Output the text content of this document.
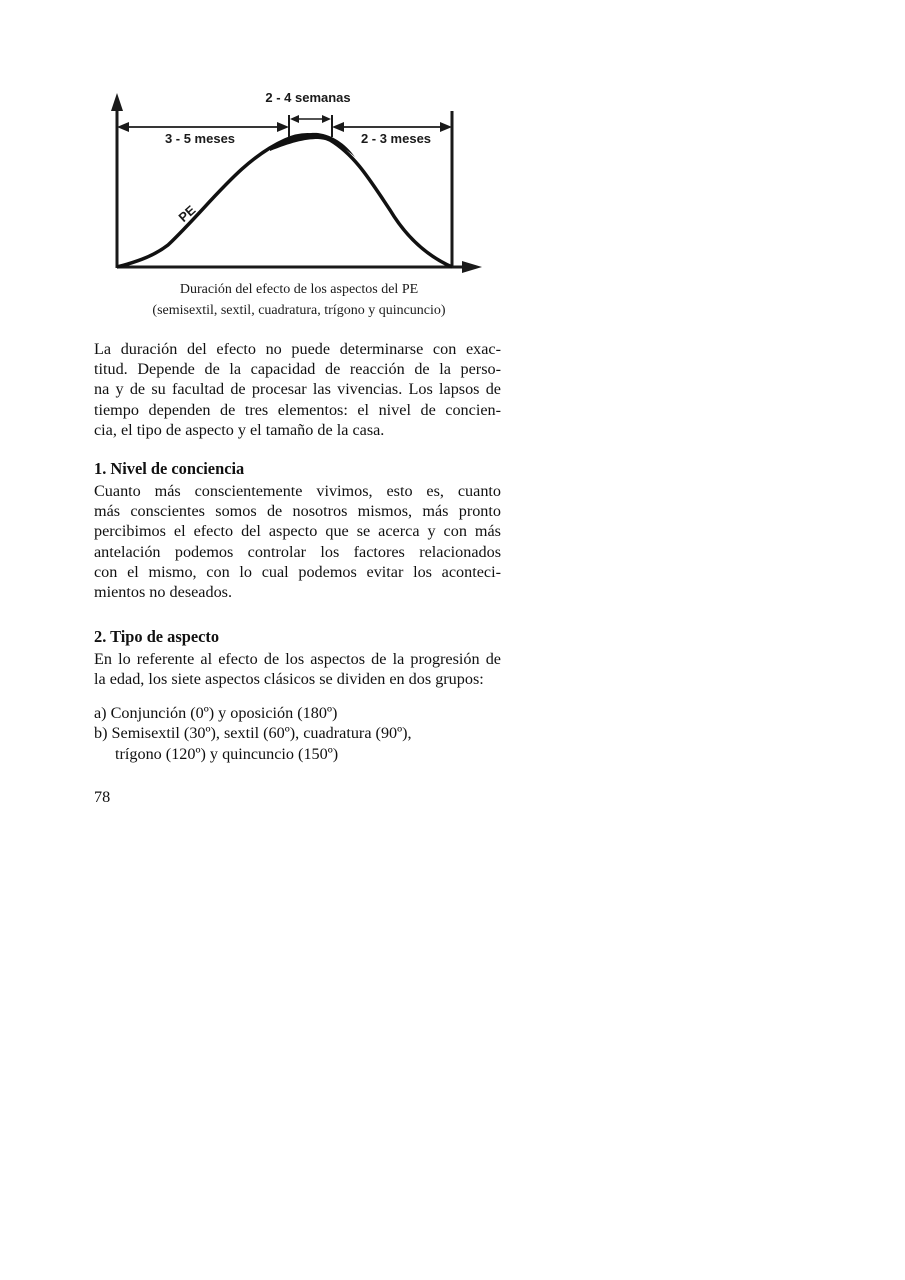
2 - 4 semanas
3 - 5 meses	2 - 3 meses
PE
Duración del efecto de los aspectos del PE
(semisextil, sextil, cuadratura, trígono y quincuncio)
La duración del efecto no puede determinarse con exac-
titud. Depende de la capacidad de reacción de la perso-
na y de su facultad de procesar las vivencias. Los lapsos de
tiempo dependen de tres elementos: el nivel de concien-
cia, el tipo de aspecto y el tamaño de la casa.
1. Nivel de conciencia
Cuanto más conscientemente vivimos, esto es, cuanto
más conscientes somos de nosotros mismos, más pronto
percibimos el efecto del aspecto que se acerca y con más
antelación podemos controlar los factores relacionados
con el mismo, con lo cual podemos evitar los aconteci-
mientos no deseados.
2. Tipo de aspecto
En lo referente al efecto de los aspectos de la progresión de
la edad, los siete aspectos clásicos se dividen en dos grupos:
a) Conjunción (0º) y oposición (180º)
b) Semisextil (30º), sextil (60º), cuadratura (90º),
trígono (120º) y quincuncio (150º)
78
